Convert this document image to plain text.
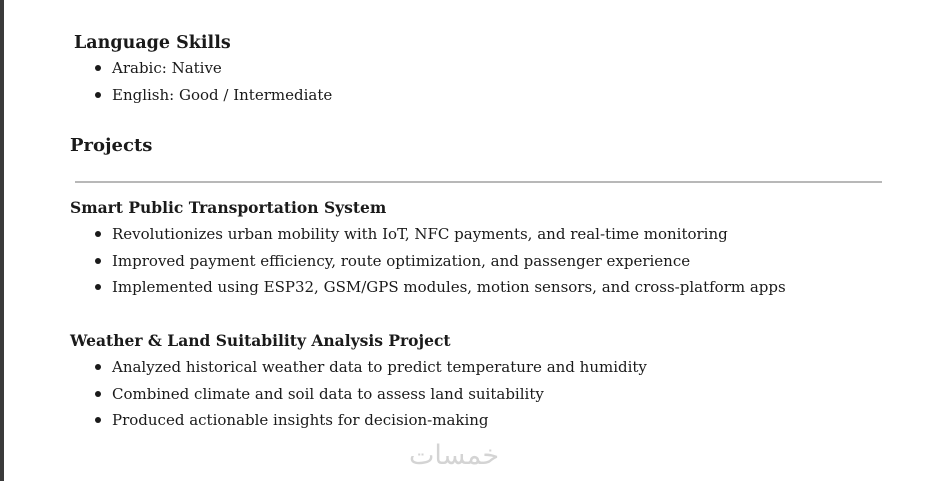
Language Skills
Arabic: Native
English: Good / Intermediate
Projects
Smart Public Transportation System
Revolutionizes urban mobility with IoT, NFC payments, and real-time monitoring
Improved payment efficiency, route optimization, and passenger experience
Implemented using ESP32, GSM/GPS modules, motion sensors, and cross-platform apps
Weather & Land Suitability Analysis Project
Analyzed historical weather data to predict temperature and humidity
Combined climate and soil data to assess land suitability
Produced actionable insights for decision-making
خمسات
